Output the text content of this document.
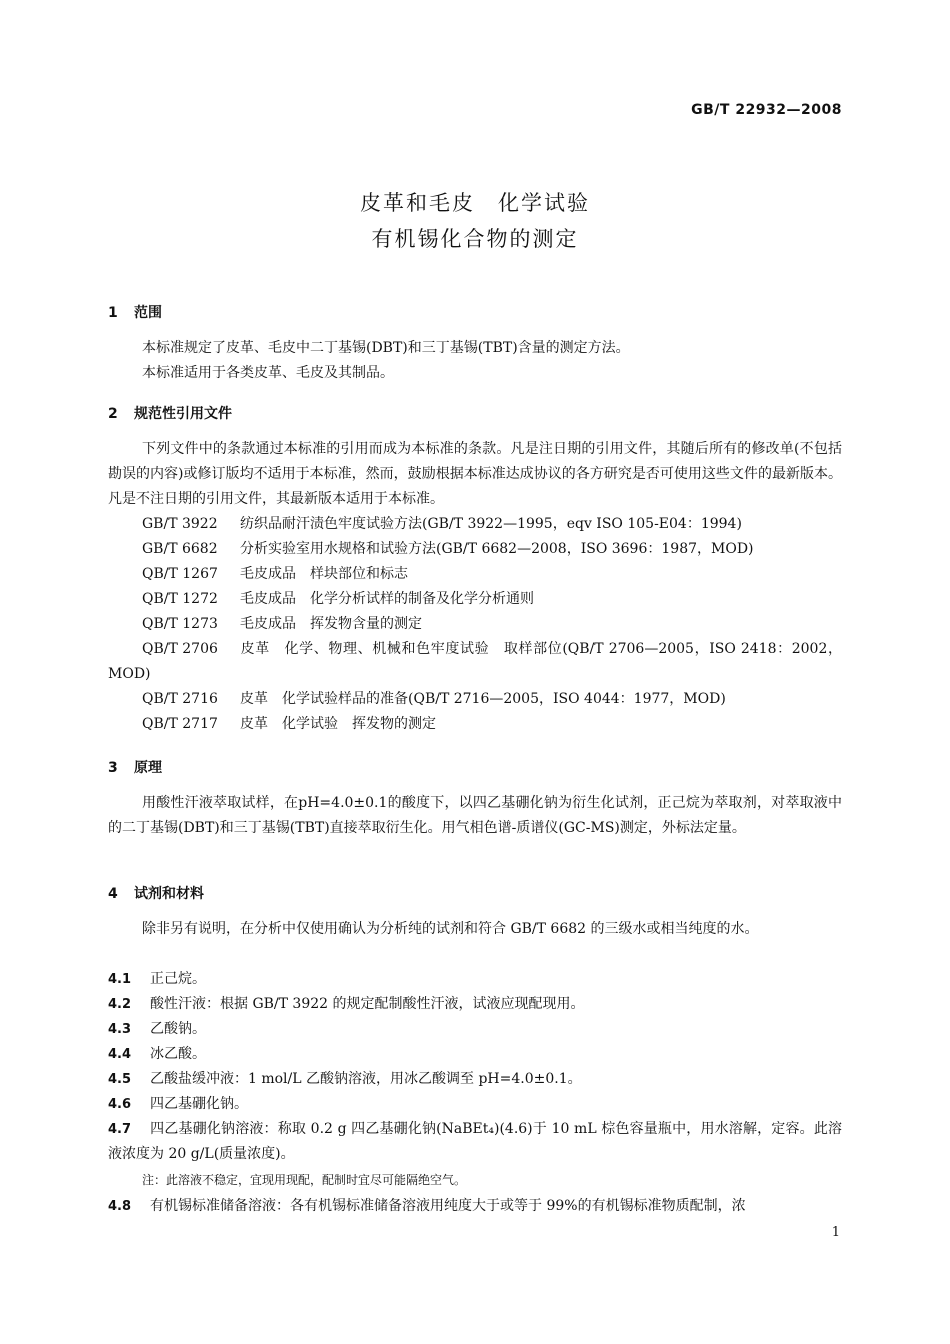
GB/T 22932—2008
皮革和毛皮　化学试验
有机锡化合物的测定
1 范围
本标准规定了皮革、毛皮中二丁基锡(DBT)和三丁基锡(TBT)含量的测定方法。
本标准适用于各类皮革、毛皮及其制品。
2 规范性引用文件
下列文件中的条款通过本标准的引用而成为本标准的条款。凡是注日期的引用文件，其随后所有的修改单(不包括勘误的内容)或修订版均不适用于本标准，然而，鼓励根据本标准达成协议的各方研究是否可使用这些文件的最新版本。凡是不注日期的引用文件，其最新版本适用于本标准。
GB/T 3922 纺织品耐汗渍色牢度试验方法(GB/T 3922—1995，eqv ISO 105-E04：1994)
GB/T 6682 分析实验室用水规格和试验方法(GB/T 6682—2008，ISO 3696：1987，MOD)
QB/T 1267 毛皮成品　样块部位和标志
QB/T 1272 毛皮成品　化学分析试样的制备及化学分析通则
QB/T 1273 毛皮成品　挥发物含量的测定
QB/T 2706 皮革　化学、物理、机械和色牢度试验　取样部位(QB/T 2706—2005，ISO 2418：2002，MOD)
QB/T 2716 皮革　化学试验样品的准备(QB/T 2716—2005，ISO 4044：1977，MOD)
QB/T 2717 皮革　化学试验　挥发物的测定
3 原理
用酸性汗液萃取试样，在pH=4.0±0.1的酸度下，以四乙基硼化钠为衍生化试剂，正己烷为萃取剂，对萃取液中的二丁基锡(DBT)和三丁基锡(TBT)直接萃取衍生化。用气相色谱-质谱仪(GC-MS)测定，外标法定量。
4 试剂和材料
除非另有说明，在分析中仅使用确认为分析纯的试剂和符合 GB/T 6682 的三级水或相当纯度的水。
4.1 正己烷。
4.2 酸性汗液：根据 GB/T 3922 的规定配制酸性汗液，试液应现配现用。
4.3 乙酸钠。
4.4 冰乙酸。
4.5 乙酸盐缓冲液：1 mol/L 乙酸钠溶液，用冰乙酸调至 pH=4.0±0.1。
4.6 四乙基硼化钠。
4.7 四乙基硼化钠溶液：称取 0.2 g 四乙基硼化钠(NaBEt₄)(4.6)于 10 mL 棕色容量瓶中，用水溶解，定容。此溶液浓度为 20 g/L(质量浓度)。
注：此溶液不稳定，宜现用现配，配制时宜尽可能隔绝空气。
4.8 有机锡标准储备溶液：各有机锡标准储备溶液用纯度大于或等于 99%的有机锡标准物质配制，浓
1
